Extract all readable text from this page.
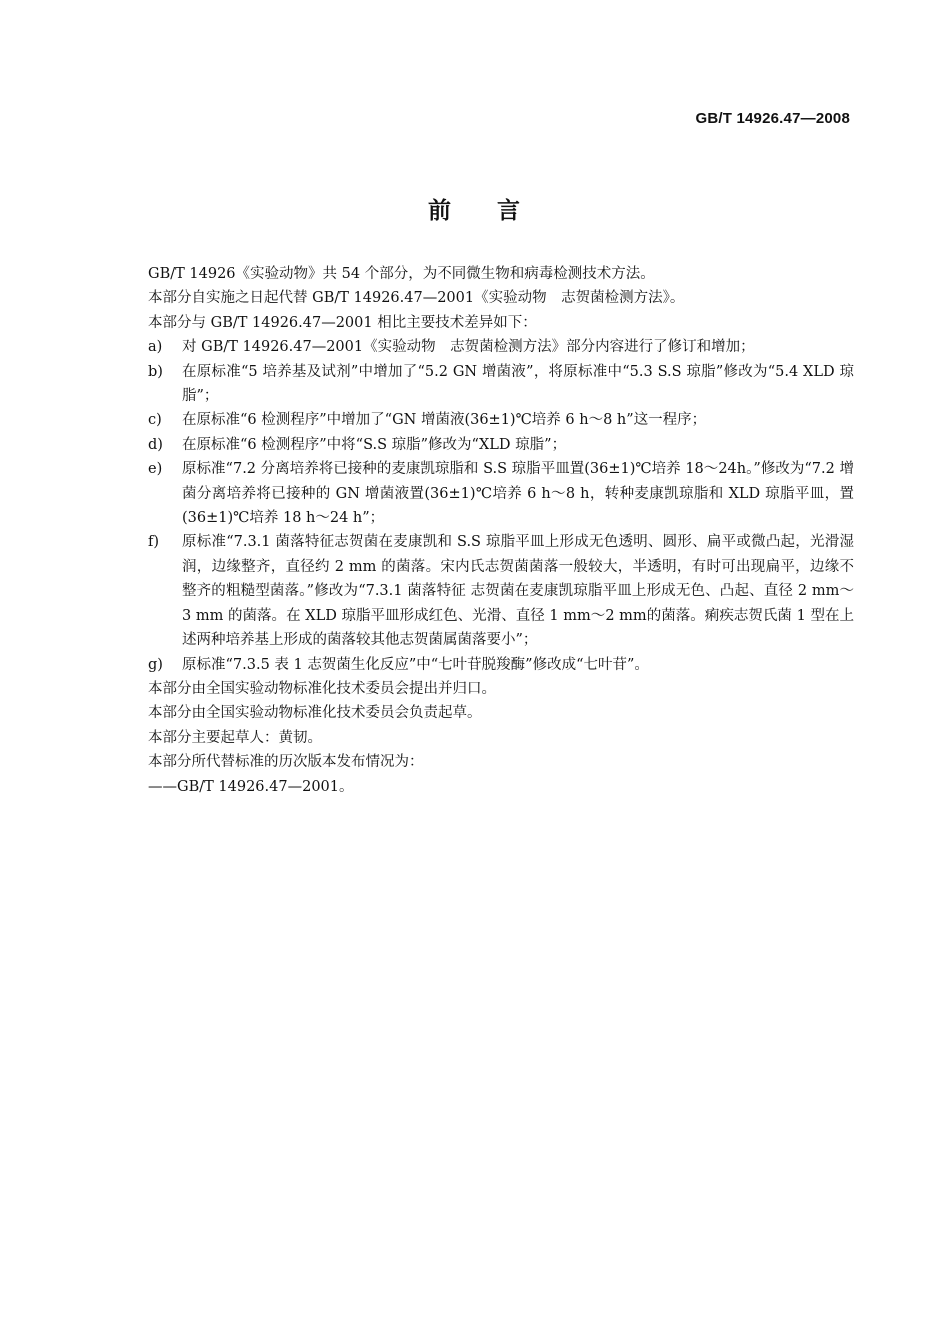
GB/T 14926.47—2008
前 言
GB/T 14926《实验动物》共 54 个部分，为不同微生物和病毒检测技术方法。
本部分自实施之日起代替 GB/T 14926.47—2001《实验动物　志贺菌检测方法》。
本部分与 GB/T 14926.47—2001 相比主要技术差异如下：
a)	对 GB/T 14926.47—2001《实验动物　志贺菌检测方法》部分内容进行了修订和增加；
b)	在原标准“5 培养基及试剂”中增加了“5.2 GN 增菌液”，将原标准中“5.3 S.S 琼脂”修改为“5.4 XLD 琼脂”；
c)	在原标准“6 检测程序”中增加了“GN 增菌液(36±1)℃培养 6 h～8 h”这一程序；
d)	在原标准“6 检测程序”中将“S.S 琼脂”修改为“XLD 琼脂”；
e)	原标准“7.2 分离培养将已接种的麦康凯琼脂和 S.S 琼脂平皿置(36±1)℃培养 18～24h。”修改为“7.2 增菌分离培养将已接种的 GN 增菌液置(36±1)℃培养 6 h～8 h，转种麦康凯琼脂和 XLD 琼脂平皿，置(36±1)℃培养 18 h～24 h”；
f)	原标准“7.3.1 菌落特征志贺菌在麦康凯和 S.S 琼脂平皿上形成无色透明、圆形、扁平或微凸起，光滑湿润，边缘整齐，直径约 2 mm 的菌落。宋内氏志贺菌菌落一般较大，半透明，有时可出现扁平，边缘不整齐的粗糙型菌落。”修改为“7.3.1 菌落特征 志贺菌在麦康凯琼脂平皿上形成无色、凸起、直径 2 mm～3 mm 的菌落。在 XLD 琼脂平皿形成红色、光滑、直径 1 mm～2 mm的菌落。痢疾志贺氏菌 1 型在上述两种培养基上形成的菌落较其他志贺菌属菌落要小”；
g)	原标准“7.3.5 表 1 志贺菌生化反应”中“七叶苷脱羧酶”修改成“七叶苷”。
本部分由全国实验动物标准化技术委员会提出并归口。
本部分由全国实验动物标准化技术委员会负责起草。
本部分主要起草人：黄韧。
本部分所代替标准的历次版本发布情况为：
——GB/T 14926.47—2001。
